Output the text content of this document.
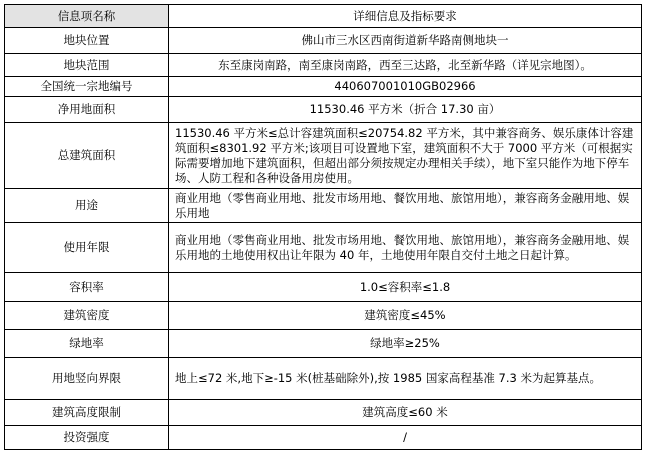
信息项名称	详细信息及指标要求
地块位置	佛山市三水区西南街道新华路南侧地块一
地块范围	东至康岗南路，南至康岗南路，西至三达路，北至新华路（详见宗地图）。
全国统一宗地编号	440607001010GB02966
净用地面积	11530.46 平方米（折合 17.30 亩）
总建筑面积	11530.46 平方米≤总计容建筑面积≤20754.82 平方米，其中兼容商务、娱乐康体计容建筑面积≤8301.92 平方米;该项目可设置地下室，建筑面积不大于 7000 平方米（可根据实际需要增加地下建筑面积，但超出部分须按规定办理相关手续），地下室只能作为地下停车场、人防工程和各种设备用房使用。
用途	商业用地（零售商业用地、批发市场用地、餐饮用地、旅馆用地），兼容商务金融用地、娱乐用地
使用年限	商业用地（零售商业用地、批发市场用地、餐饮用地、旅馆用地），兼容商务金融用地、娱乐用地的土地使用权出让年限为 40 年，土地使用年限自交付土地之日起计算。
容积率	1.0≤容积率≤1.8
建筑密度	建筑密度≤45%
绿地率	绿地率≥25%
用地竖向界限	地上≤72 米,地下≥-15 米(桩基础除外),按 1985 国家高程基准 7.3 米为起算基点。
建筑高度限制	建筑高度≤60 米
投资强度	/
